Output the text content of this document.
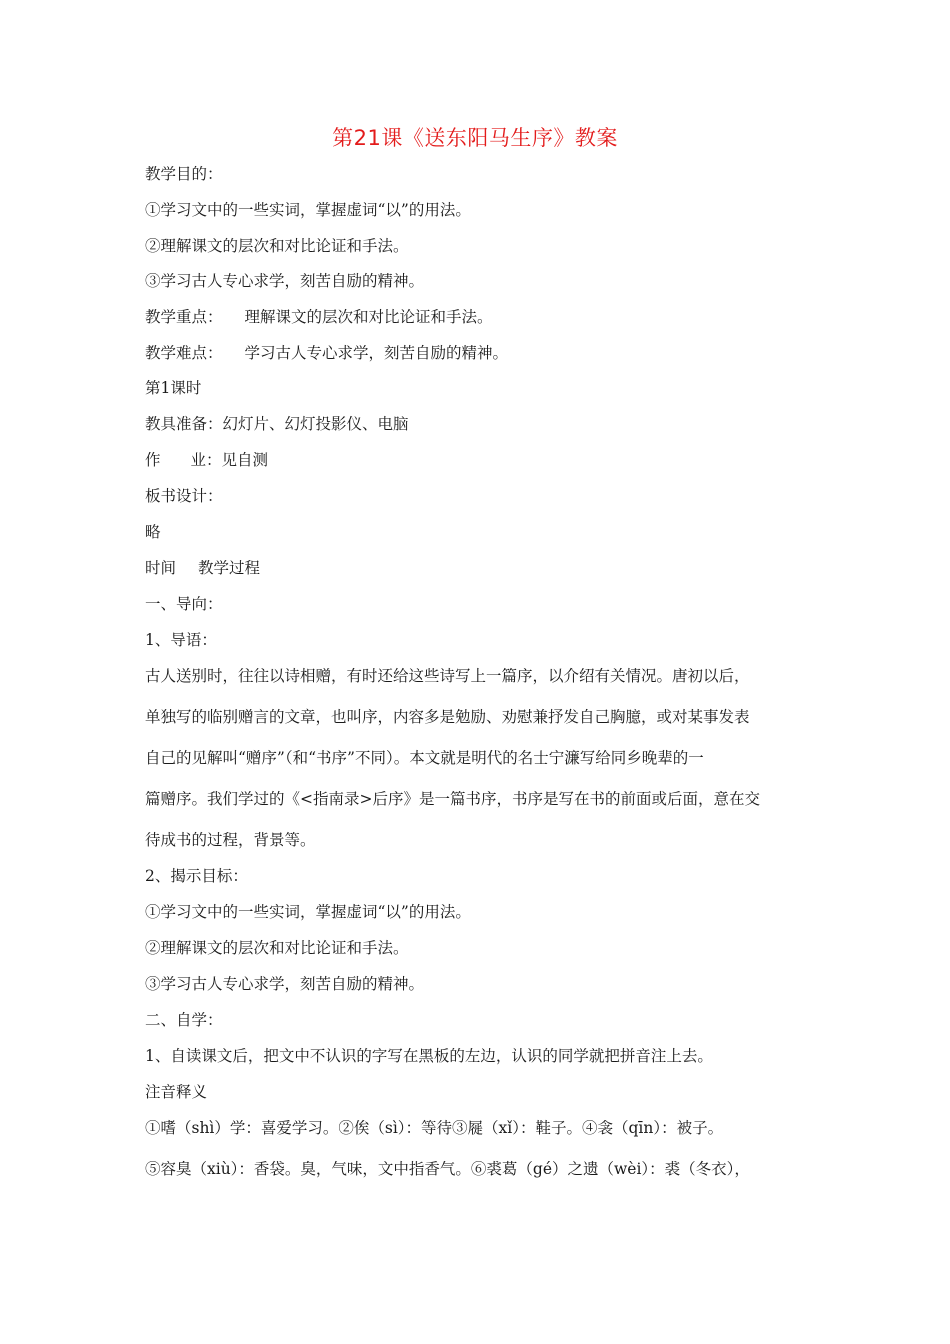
第21课《送东阳马生序》教案
教学目的：
①学习文中的一些实词，掌握虚词“以”的用法。
②理解课文的层次和对比论证和手法。
③学习古人专心求学，刻苦自励的精神。
教学重点： 理解课文的层次和对比论证和手法。
教学难点： 学习古人专心求学，刻苦自励的精神。
第1课时
教具准备：幻灯片、幻灯投影仪、电脑
作 业：见自测
板书设计：
略
时间 教学过程
一、导向：
1、导语：
古人送别时，往往以诗相赠，有时还给这些诗写上一篇序，以介绍有关情况。唐初以后，
单独写的临别赠言的文章，也叫序，内容多是勉励、劝慰兼抒发自己胸臆，或对某事发表
自己的见解叫“赠序”（和“书序”不同）。本文就是明代的名士宁濂写给同乡晚辈的一
篇赠序。我们学过的《<指南录>后序》是一篇书序，书序是写在书的前面或后面，意在交
待成书的过程，背景等。
2、揭示目标：
①学习文中的一些实词，掌握虚词“以”的用法。
②理解课文的层次和对比论证和手法。
③学习古人专心求学，刻苦自励的精神。
二、自学：
1、自读课文后，把文中不认识的字写在黑板的左边，认识的同学就把拼音注上去。
注音释义
①嗜（shì）学：喜爱学习。②俟（sì）：等待③屣（xǐ）：鞋子。④衾（qīn）：被子。
⑤容臭（xiù）：香袋。臭，气味，文中指香气。⑥裘葛（gé）之遗（wèi）：裘（冬衣），
